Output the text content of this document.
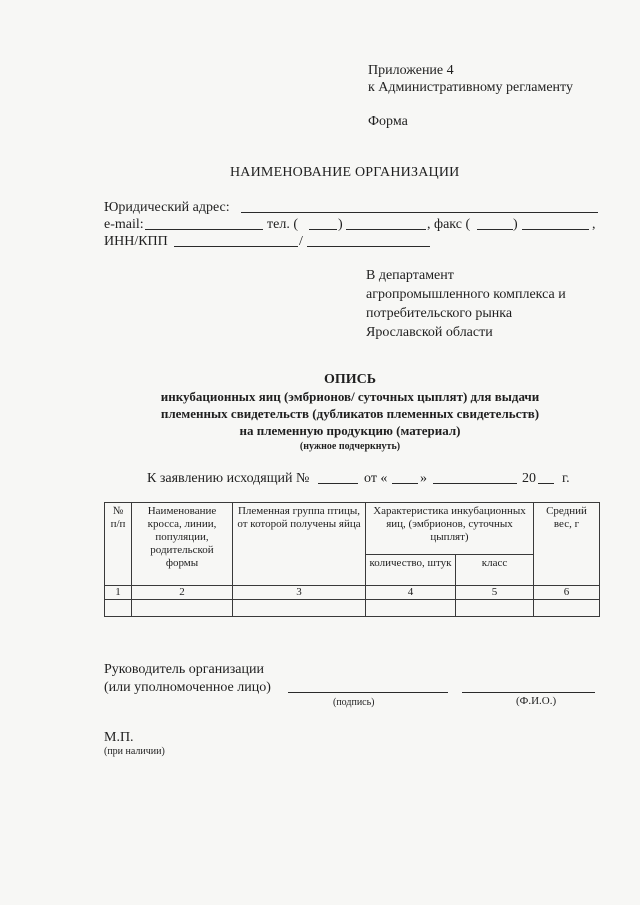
Приложение 4
к Административному регламенту
Форма
НАИМЕНОВАНИЕ ОРГАНИЗАЦИИ
Юридический адрес:
e-mail:	тел. (	)	, факс (	)	,
ИНН/КПП	/
В департамент
агропромышленного комплекса и
потребительского рынка
Ярославской области
ОПИСЬ
инкубационных яиц (эмбрионов/ суточных цыплят) для выдачи
племенных свидетельств (дубликатов племенных свидетельств)
на племенную продукцию (материал)
(нужное подчеркнуть)
К заявлению исходящий №	от « »	20 г.
№ п/п	Наименование кросса, линии, популяции, родительской формы	Племенная группа птицы, от которой получены яйца	Характеристика инкубационных яиц, (эмбрионов, суточных цыплят)		Средний вес, г
			количество, штук	класс	
1	2	3	4	5	6

Руководитель организации
(или уполномоченное лицо)
(подпись)	(Ф.И.О.)
М.П.
(при наличии)
